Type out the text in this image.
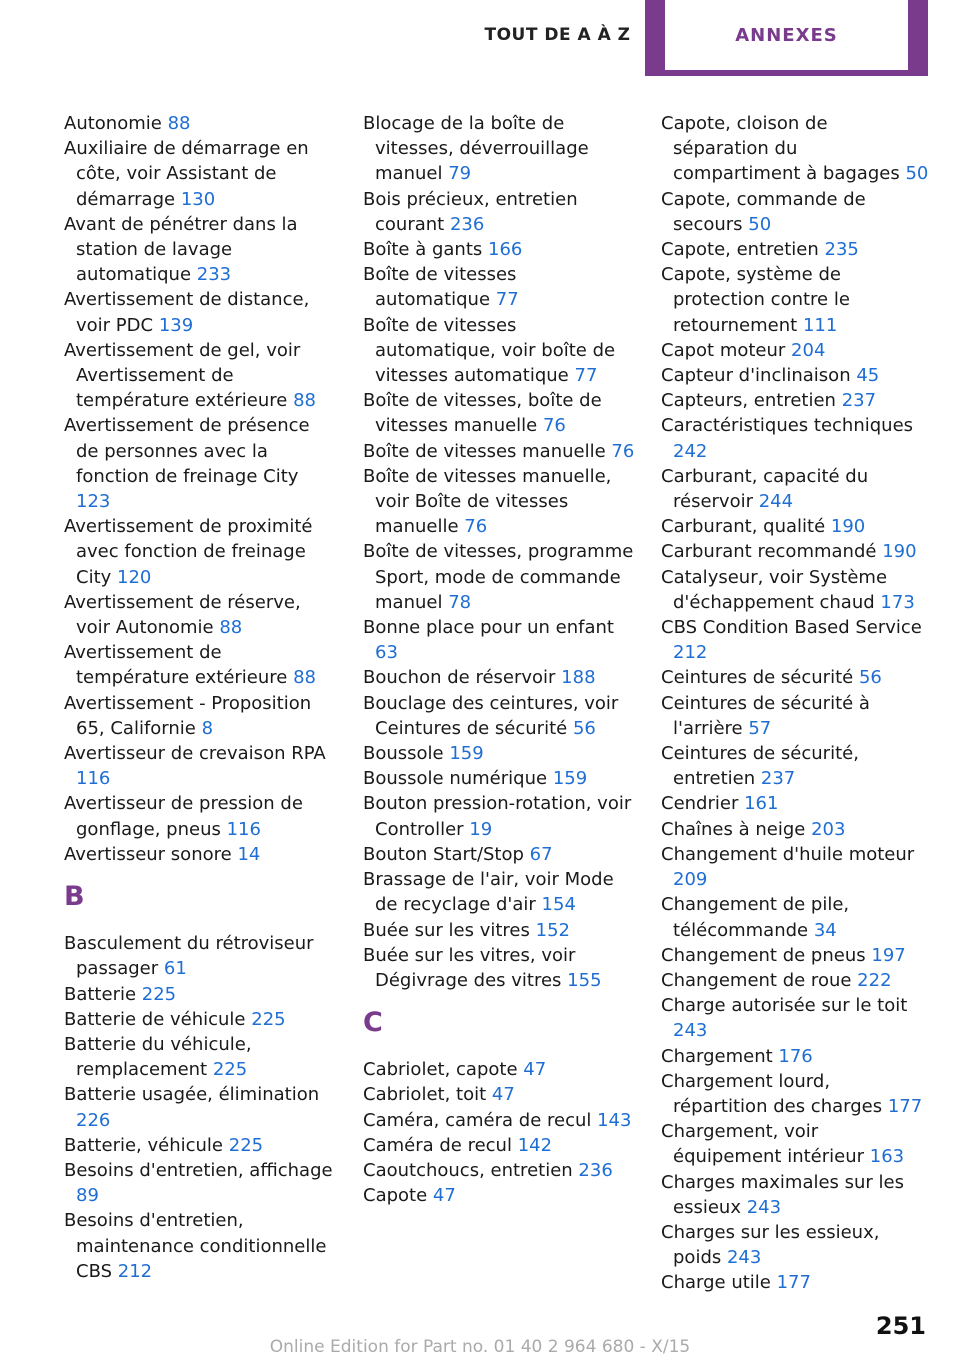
TOUT DE A À Z	ANNEXES

Autonomie 88

Auxiliaire de démarrage en côte, voir Assistant de démarrage 130

Avant de pénétrer dans la station de lavage automatique 233

Avertissement de distance, voir PDC 139

Avertissement de gel, voir Avertissement de température extérieure 88

Avertissement de présence de personnes avec la fonction de freinage City 123

Avertissement de proximité avec fonction de freinage City 120

Avertissement de réserve, voir Autonomie 88

Avertissement de température extérieure 88

Avertissement - Proposition 65, Californie 8

Avertisseur de crevaison RPA 116

Avertisseur de pression de gonflage, pneus 116

Avertisseur sonore 14

B

Basculement du rétroviseur passager 61

Batterie 225

Batterie de véhicule 225

Batterie du véhicule, remplacement 225

Batterie usagée, élimination 226

Batterie, véhicule 225

Besoins d'entretien, affichage 89

Besoins d'entretien, maintenance conditionnelle CBS 212

Blocage de la boîte de vitesses, déverrouillage manuel 79

Bois précieux, entretien courant 236

Boîte à gants 166

Boîte de vitesses automatique 77

Boîte de vitesses automatique, voir boîte de vitesses automatique 77

Boîte de vitesses, boîte de vitesses manuelle 76

Boîte de vitesses manuelle 76

Boîte de vitesses manuelle, voir Boîte de vitesses manuelle 76

Boîte de vitesses, programme Sport, mode de commande manuel 78

Bonne place pour un enfant 63

Bouchon de réservoir 188

Bouclage des ceintures, voir Ceintures de sécurité 56

Boussole 159

Boussole numérique 159

Bouton pression-rotation, voir Controller 19

Bouton Start/Stop 67

Brassage de l'air, voir Mode de recyclage d'air 154

Buée sur les vitres 152

Buée sur les vitres, voir Dégivrage des vitres 155

C

Cabriolet, capote 47

Cabriolet, toit 47

Caméra, caméra de recul 143

Caméra de recul 142

Caoutchoucs, entretien 236

Capote 47

Capote, cloison de séparation du compartiment à bagages 50

Capote, commande de secours 50

Capote, entretien 235

Capote, système de protection contre le retournement 111

Capot moteur 204

Capteur d'inclinaison 45

Capteurs, entretien 237

Caractéristiques techniques 242

Carburant, capacité du réservoir 244

Carburant, qualité 190

Carburant recommandé 190

Catalyseur, voir Système d'échappement chaud 173

CBS Condition Based Service 212

Ceintures de sécurité 56

Ceintures de sécurité à l'arrière 57

Ceintures de sécurité, entretien 237

Cendrier 161

Chaînes à neige 203

Changement d'huile moteur 209

Changement de pile, télécommande 34

Changement de pneus 197

Changement de roue 222

Charge autorisée sur le toit 243

Chargement 176

Chargement lourd, répartition des charges 177

Chargement, voir équipement intérieur 163

Charges maximales sur les essieux 243

Charges sur les essieux, poids 243

Charge utile 177

251
Online Edition for Part no. 01 40 2 964 680 - X/15
